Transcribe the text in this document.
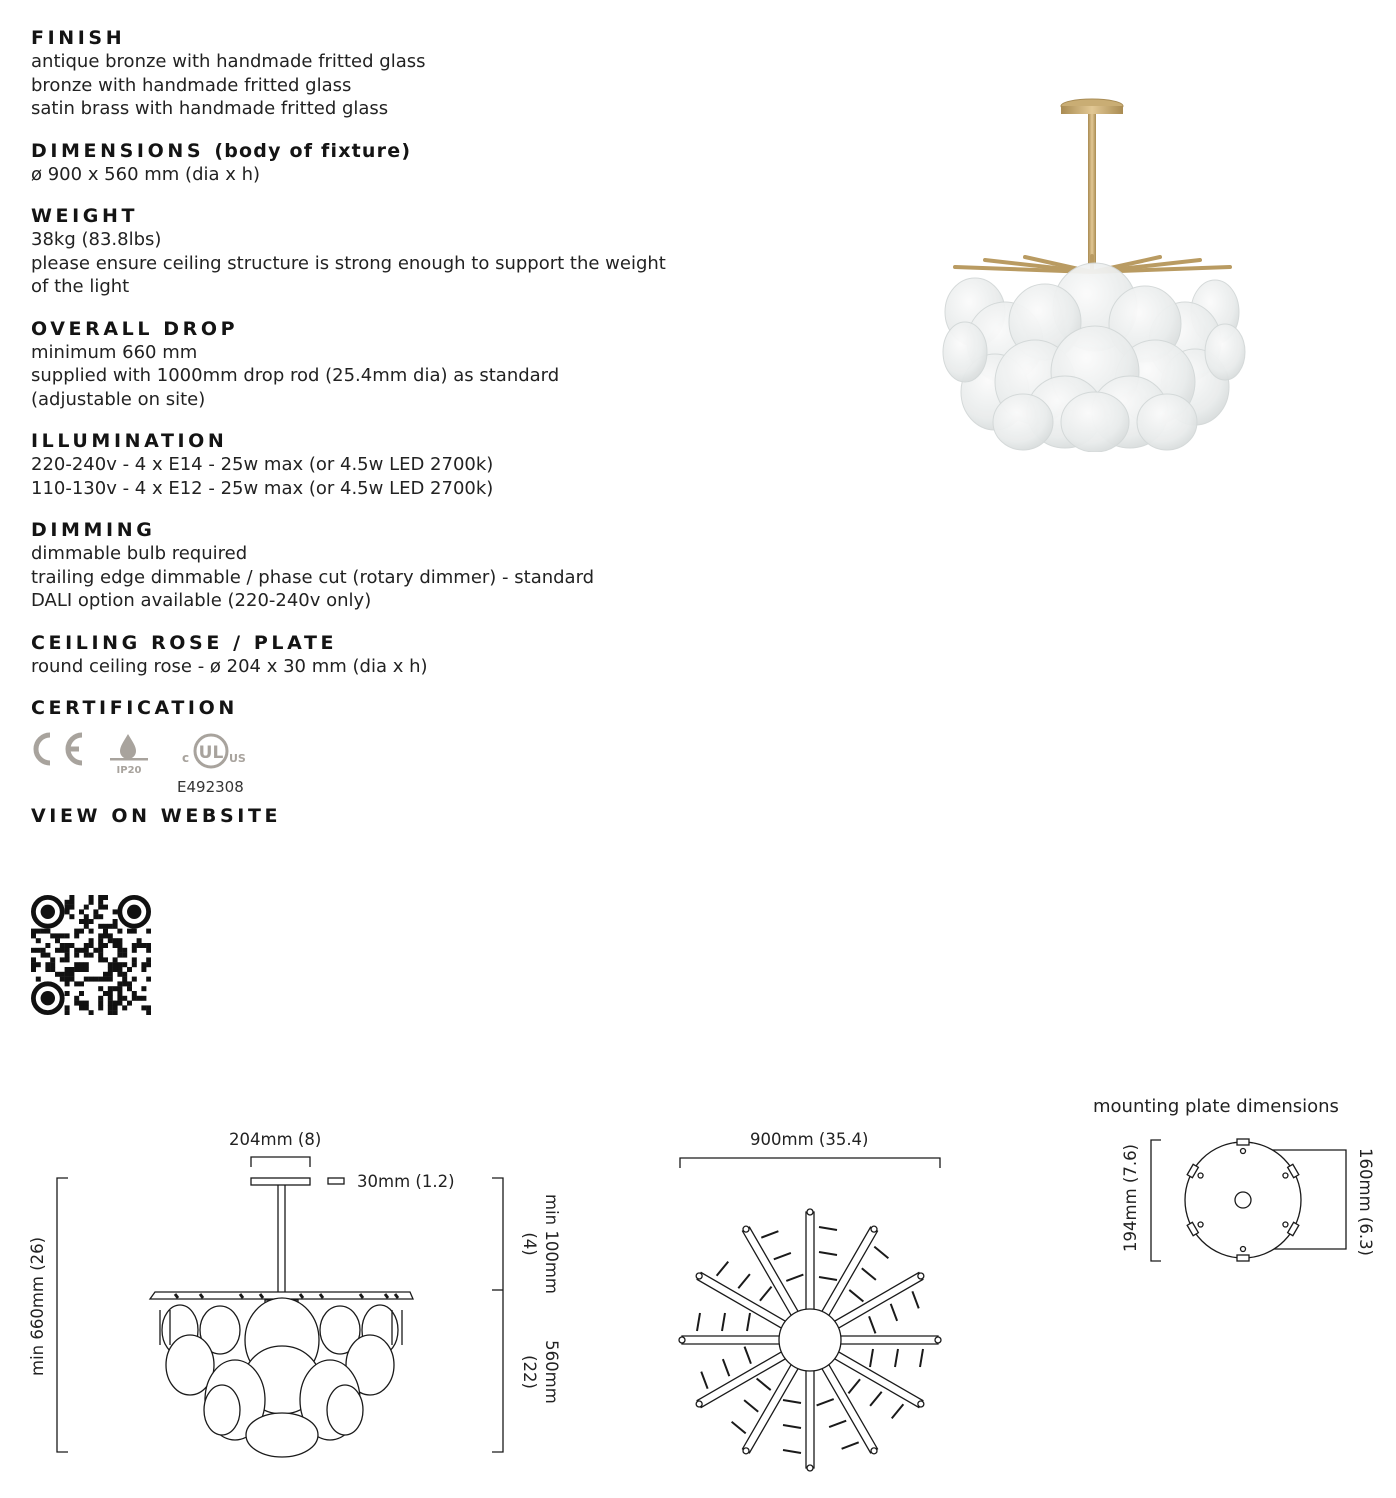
FINISH
antique bronze with handmade fritted glass
bronze with handmade fritted glass
satin brass with handmade fritted glass
DIMENSIONS (body of fixture)
ø 900 x 560 mm (dia x h)
WEIGHT
38kg (83.8lbs)
please ensure ceiling structure is strong enough to support the weight of the light
OVERALL DROP
minimum 660 mm
supplied with 1000mm drop rod (25.4mm dia) as standard
(adjustable on site)
ILLUMINATION
220-240v - 4 x E14 - 25w max (or 4.5w LED 2700k)
110-130v - 4 x E12 - 25w max (or 4.5w LED 2700k)
DIMMING
dimmable bulb required
trailing edge dimmable / phase cut (rotary dimmer) - standard
DALI option available (220-240v only)
CEILING ROSE / PLATE
round ceiling rose - ø 204 x 30 mm (dia x h)
CERTIFICATION
IP20
UL
c	US
E492308
VIEW ON WEBSITE
204mm (8)
30mm (1.2)
min 660mm (26)	min 100mm
(4)
560mm
(22)
900mm (35.4)
mounting plate dimensions
194mm (7.6)	160mm (6.3)
